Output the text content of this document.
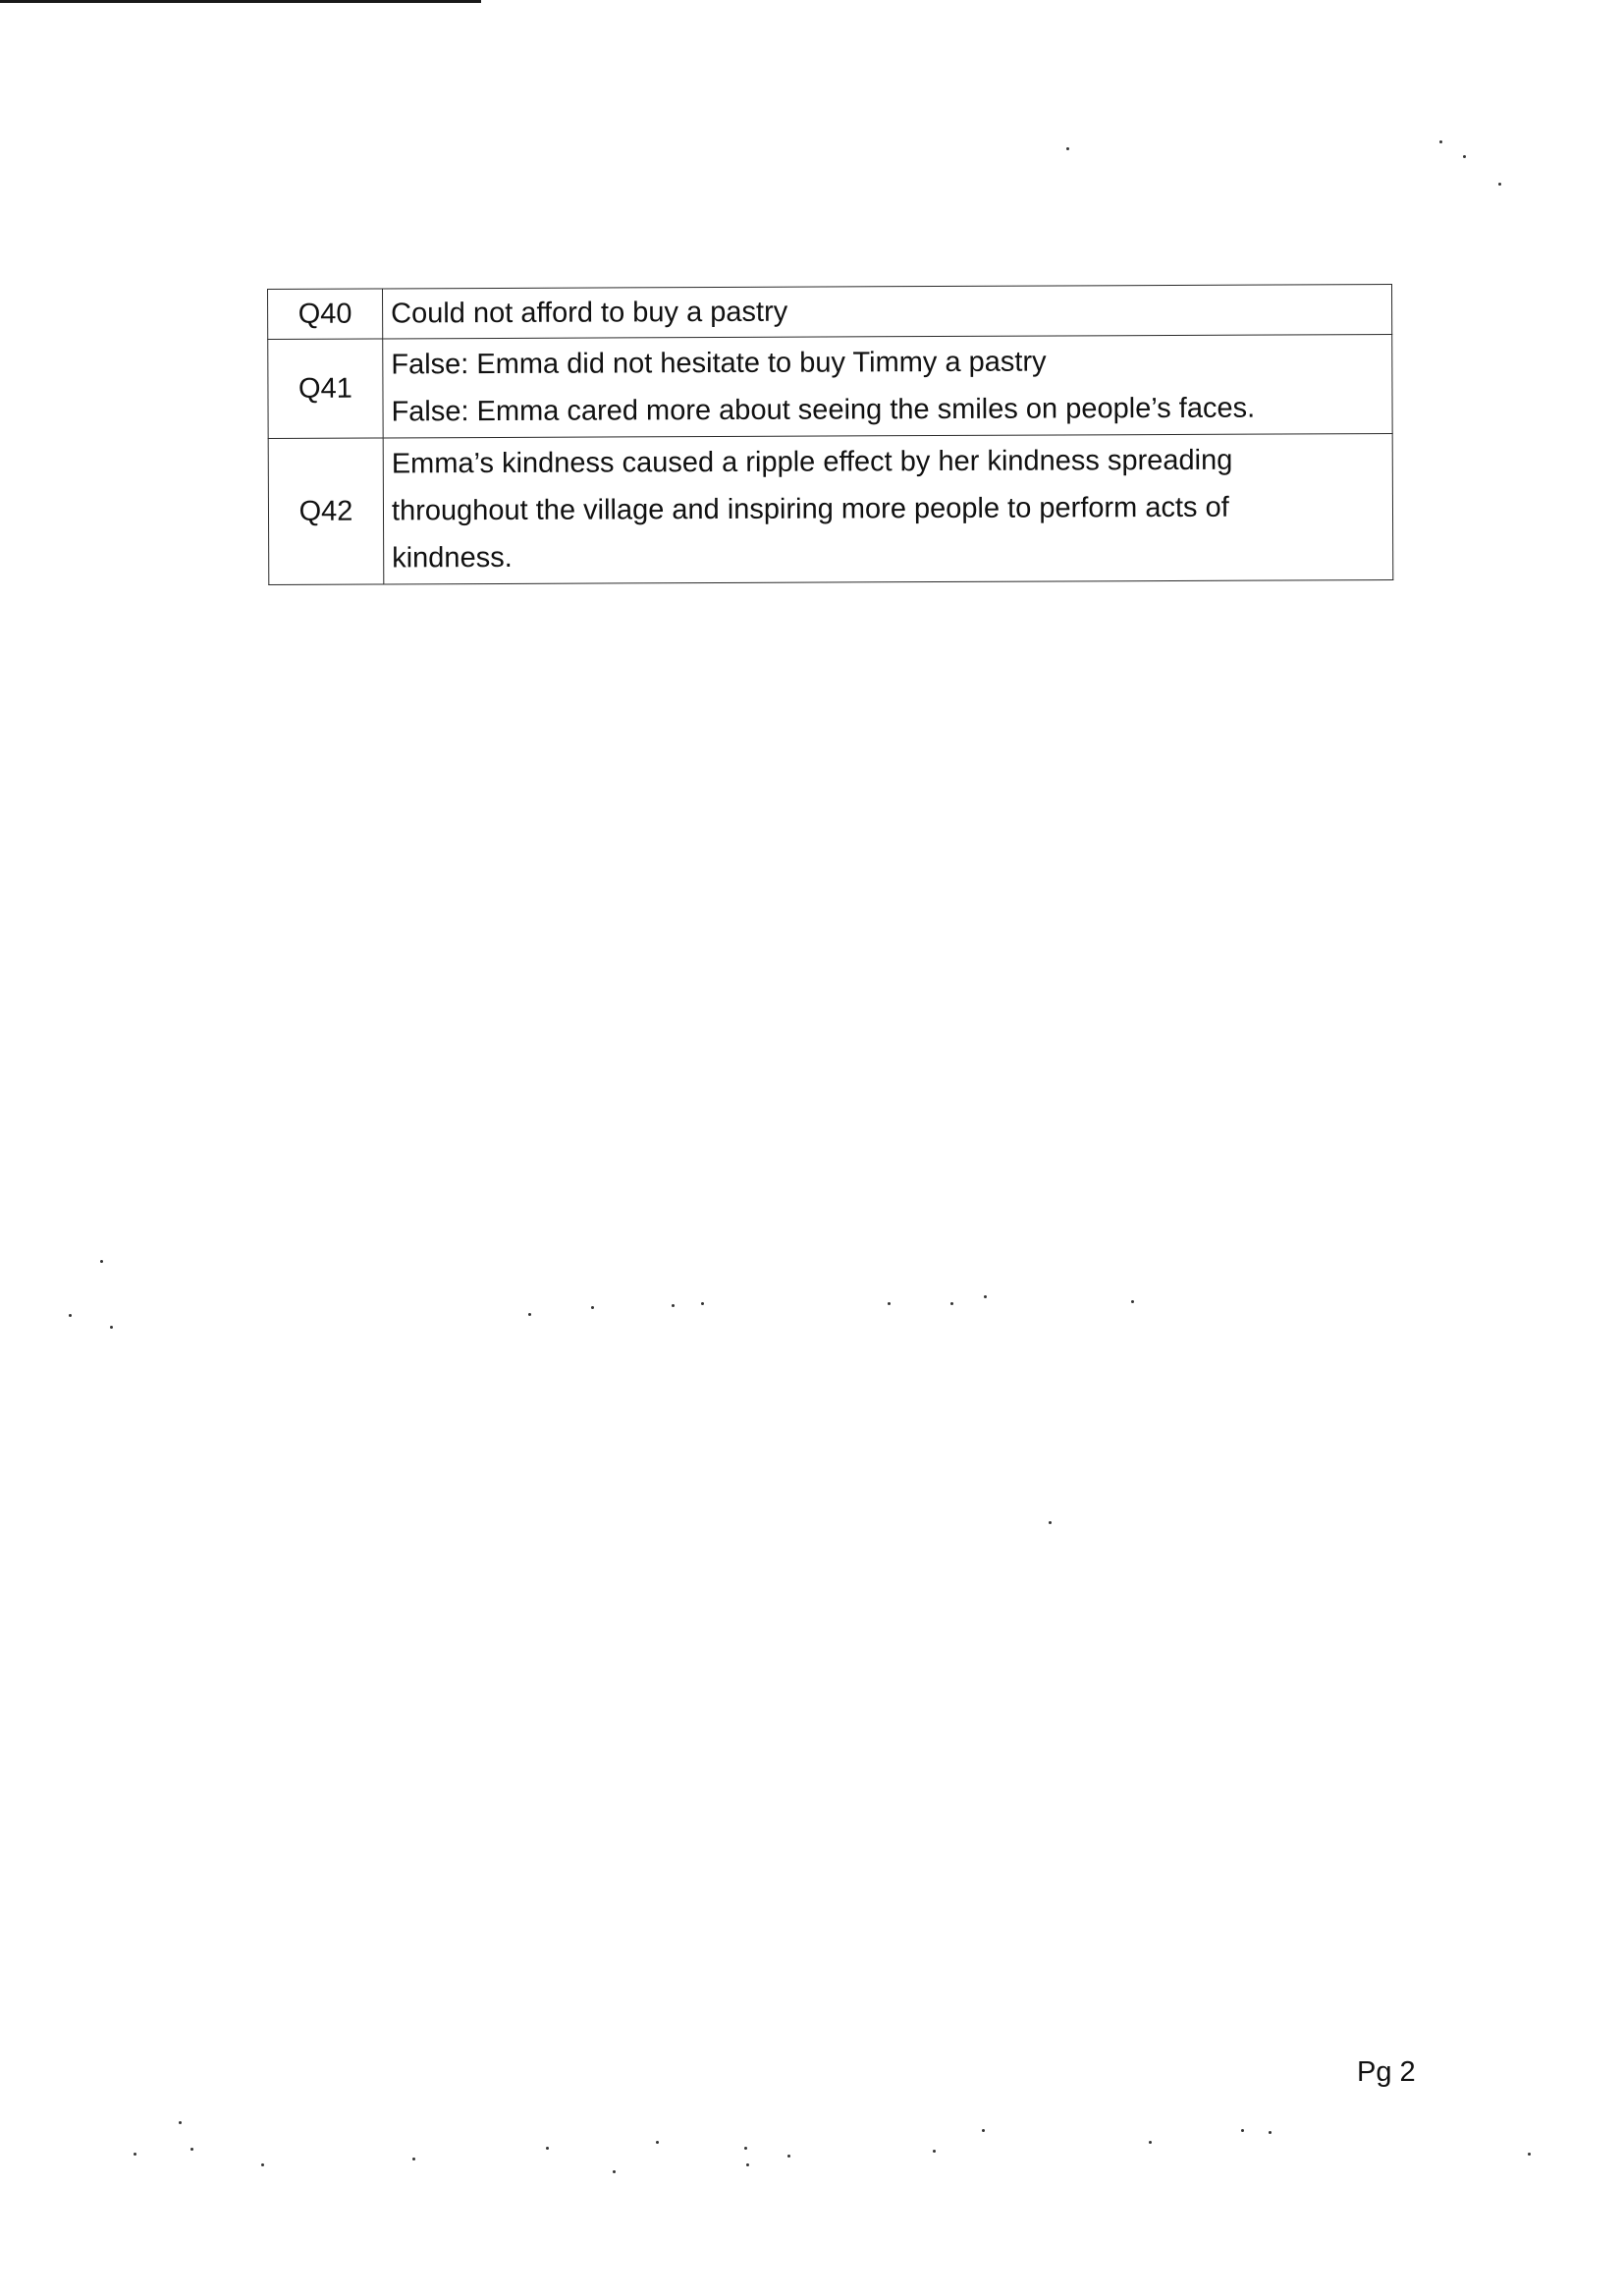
Q40	Could not afford to buy a pastry

Q41	False: Emma did not hesitate to buy Timmy a pastry
False: Emma cared more about seeing the smiles on people’s faces.

Q42	Emma’s kindness caused a ripple effect by her kindness spreading
throughout the village and inspiring more people to perform acts of
kindness.
Pg 2
